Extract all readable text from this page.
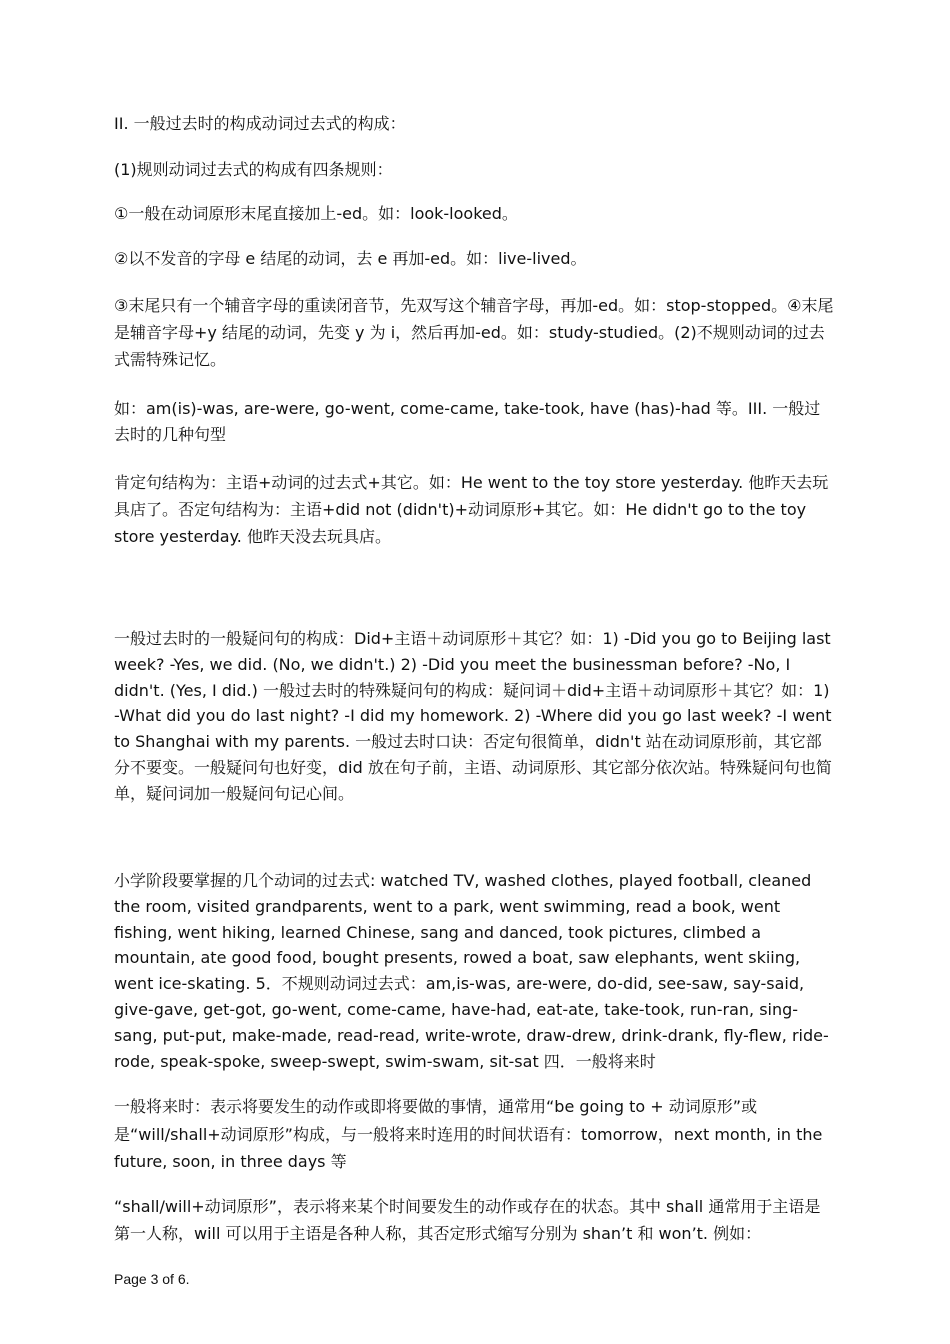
II. 一般过去时的构成动词过去式的构成：

(1)规则动词过去式的构成有四条规则：

①一般在动词原形末尾直接加上-ed。如：look-looked。

②以不发音的字母 e 结尾的动词，去 e 再加-ed。如：live-lived。

③末尾只有一个辅音字母的重读闭音节，先双写这个辅音字母，再加-ed。如：stop-stopped。④末尾是辅音字母+y 结尾的动词，先变 y 为 i，然后再加-ed。如：study-studied。(2)不规则动词的过去式需特殊记忆。

如：am(is)-was, are-were, go-went, come-came, take-took, have (has)-had 等。III. 一般过去时的几种句型

肯定句结构为：主语+动词的过去式+其它。如：He went to the toy store yesterday. 他昨天去玩具店了。否定句结构为：主语+did not (didn't)+动词原形+其它。如：He didn't go to the toy store yesterday. 他昨天没去玩具店。

一般过去时的一般疑问句的构成：Did+主语＋动词原形＋其它？如：1) -Did you go to Beijing last week? -Yes, we did. (No, we didn't.) 2) -Did you meet the businessman before? -No, I didn't. (Yes, I did.) 一般过去时的特殊疑问句的构成：疑问词＋did+主语＋动词原形＋其它？如：1) -What did you do last night? -I did my homework. 2) -Where did you go last week? -I went to Shanghai with my parents. 一般过去时口诀：否定句很简单，didn't 站在动词原形前，其它部分不要变。一般疑问句也好变，did 放在句子前，主语、动词原形、其它部分依次站。特殊疑问句也简单，疑问词加一般疑问句记心间。

小学阶段要掌握的几个动词的过去式: watched TV, washed clothes, played football, cleaned the room, visited grandparents, went to a park, went swimming, read a book, went fishing, went hiking, learned Chinese, sang and danced, took pictures, climbed a mountain, ate good food, bought presents, rowed a boat, saw elephants, went skiing, went ice-skating. 5．不规则动词过去式：am,is-was, are-were, do-did, see-saw, say-said, give-gave, get-got, go-went, come-came, have-had, eat-ate, take-took, run-ran, sing-sang, put-put, make-made, read-read, write-wrote, draw-drew, drink-drank, fly-flew, ride-rode, speak-spoke, sweep-swept, swim-swam, sit-sat 四．一般将来时

一般将来时：表示将要发生的动作或即将要做的事情，通常用“be going to + 动词原形”或是“will/shall+动词原形”构成，与一般将来时连用的时间状语有：tomorrow，next month, in the future, soon, in three days 等

“shall/will+动词原形”，表示将来某个时间要发生的动作或存在的状态。其中 shall 通常用于主语是第一人称，will 可以用于主语是各种人称，其否定形式缩写分别为 shan’t 和 won’t. 例如：

Page 3 of 6.
